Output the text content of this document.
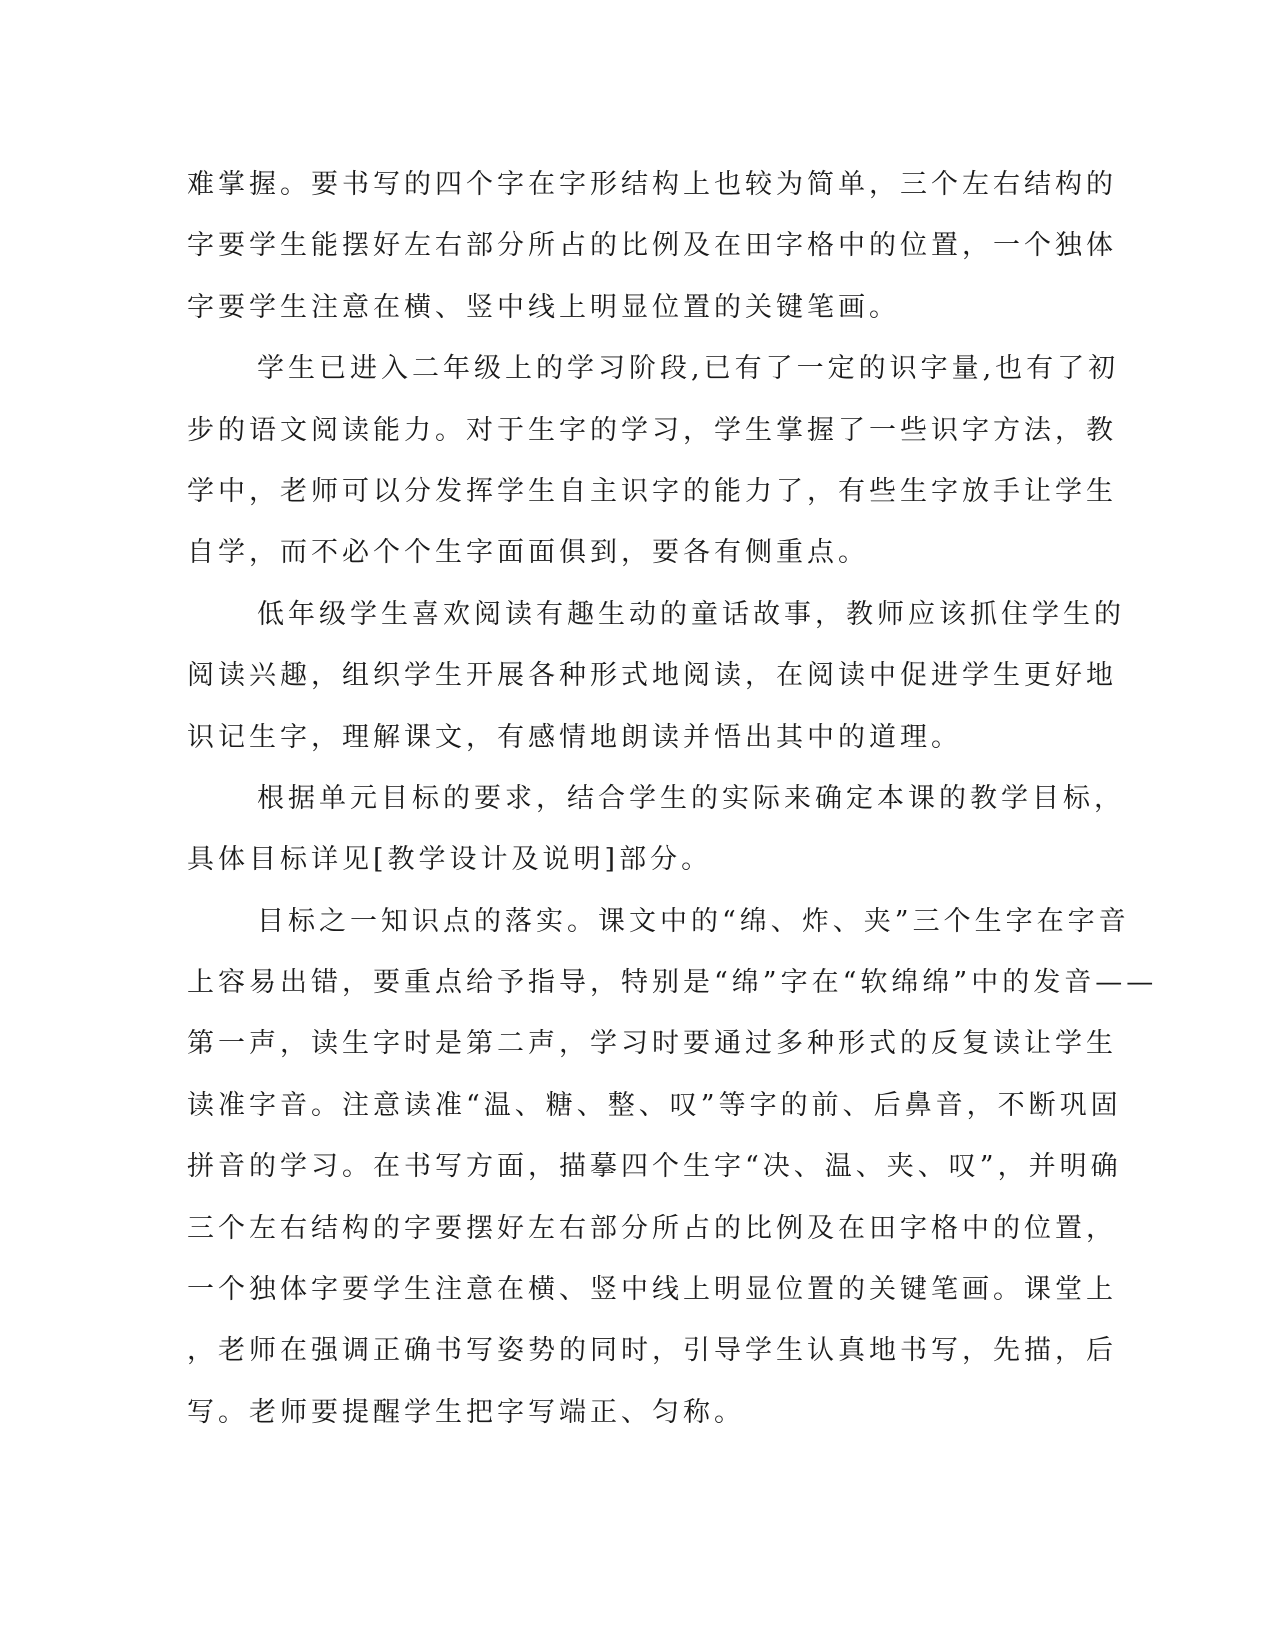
难掌握。要书写的四个字在字形结构上也较为简单，三个左右结构的
字要学生能摆好左右部分所占的比例及在田字格中的位置，一个独体
字要学生注意在横、竖中线上明显位置的关键笔画。
学生已进入二年级上的学习阶段,已有了一定的识字量,也有了初
步的语文阅读能力。对于生字的学习，学生掌握了一些识字方法，教
学中，老师可以分发挥学生自主识字的能力了，有些生字放手让学生
自学，而不必个个生字面面俱到，要各有侧重点。
低年级学生喜欢阅读有趣生动的童话故事，教师应该抓住学生的
阅读兴趣，组织学生开展各种形式地阅读，在阅读中促进学生更好地
识记生字，理解课文，有感情地朗读并悟出其中的道理。
根据单元目标的要求，结合学生的实际来确定本课的教学目标，
具体目标详见[教学设计及说明]部分。
目标之一知识点的落实。课文中的“绵、炸、夹”三个生字在字音
上容易出错，要重点给予指导，特别是“绵”字在“软绵绵”中的发音——
第一声，读生字时是第二声，学习时要通过多种形式的反复读让学生
读准字音。注意读准“温、糖、整、叹”等字的前、后鼻音，不断巩固
拼音的学习。在书写方面，描摹四个生字“决、温、夹、叹”，并明确
三个左右结构的字要摆好左右部分所占的比例及在田字格中的位置，
一个独体字要学生注意在横、竖中线上明显位置的关键笔画。课堂上
，老师在强调正确书写姿势的同时，引导学生认真地书写，先描，后
写。老师要提醒学生把字写端正、匀称。
